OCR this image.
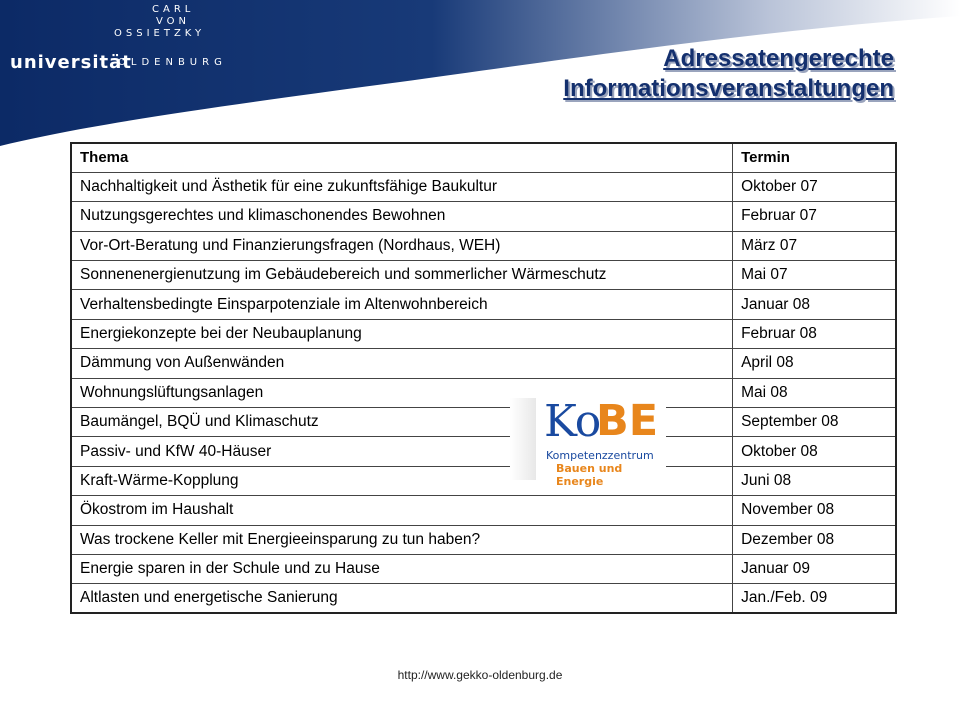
CARL
VON
OSSIETZKY
universität
OLDENBURG	Adressatengerechte
Informationsveranstaltungen
Thema	Termin
Nachhaltigkeit und Ästhetik für eine zukunftsfähige Baukultur	Oktober 07
Nutzungsgerechtes und klimaschonendes Bewohnen	Februar 07
Vor-Ort-Beratung und Finanzierungsfragen (Nordhaus, WEH)	März 07
Sonnenenergienutzung im Gebäudebereich und sommerlicher Wärmeschutz	Mai 07
Verhaltensbedingte Einsparpotenziale im Altenwohnbereich	Januar 08
Energiekonzepte bei der Neubauplanung	Februar 08
Dämmung von Außenwänden	April 08
Wohnungslüftungsanlagen	Mai 08
Baumängel, BQÜ und Klimaschutz	September 08
Passiv- und KfW 40-Häuser	Oktober 08
Kraft-Wärme-Kopplung	Juni 08
Ökostrom im Haushalt	November 08
Was trockene Keller mit Energieeinsparung zu tun haben?	Dezember 08
Energie sparen in der Schule und zu Hause	Januar 09
Altlasten und energetische Sanierung	Jan./Feb. 09
Ko
BE
Kompetenzzentrum
Bauen und Energie
http://www.gekko-oldenburg.de
